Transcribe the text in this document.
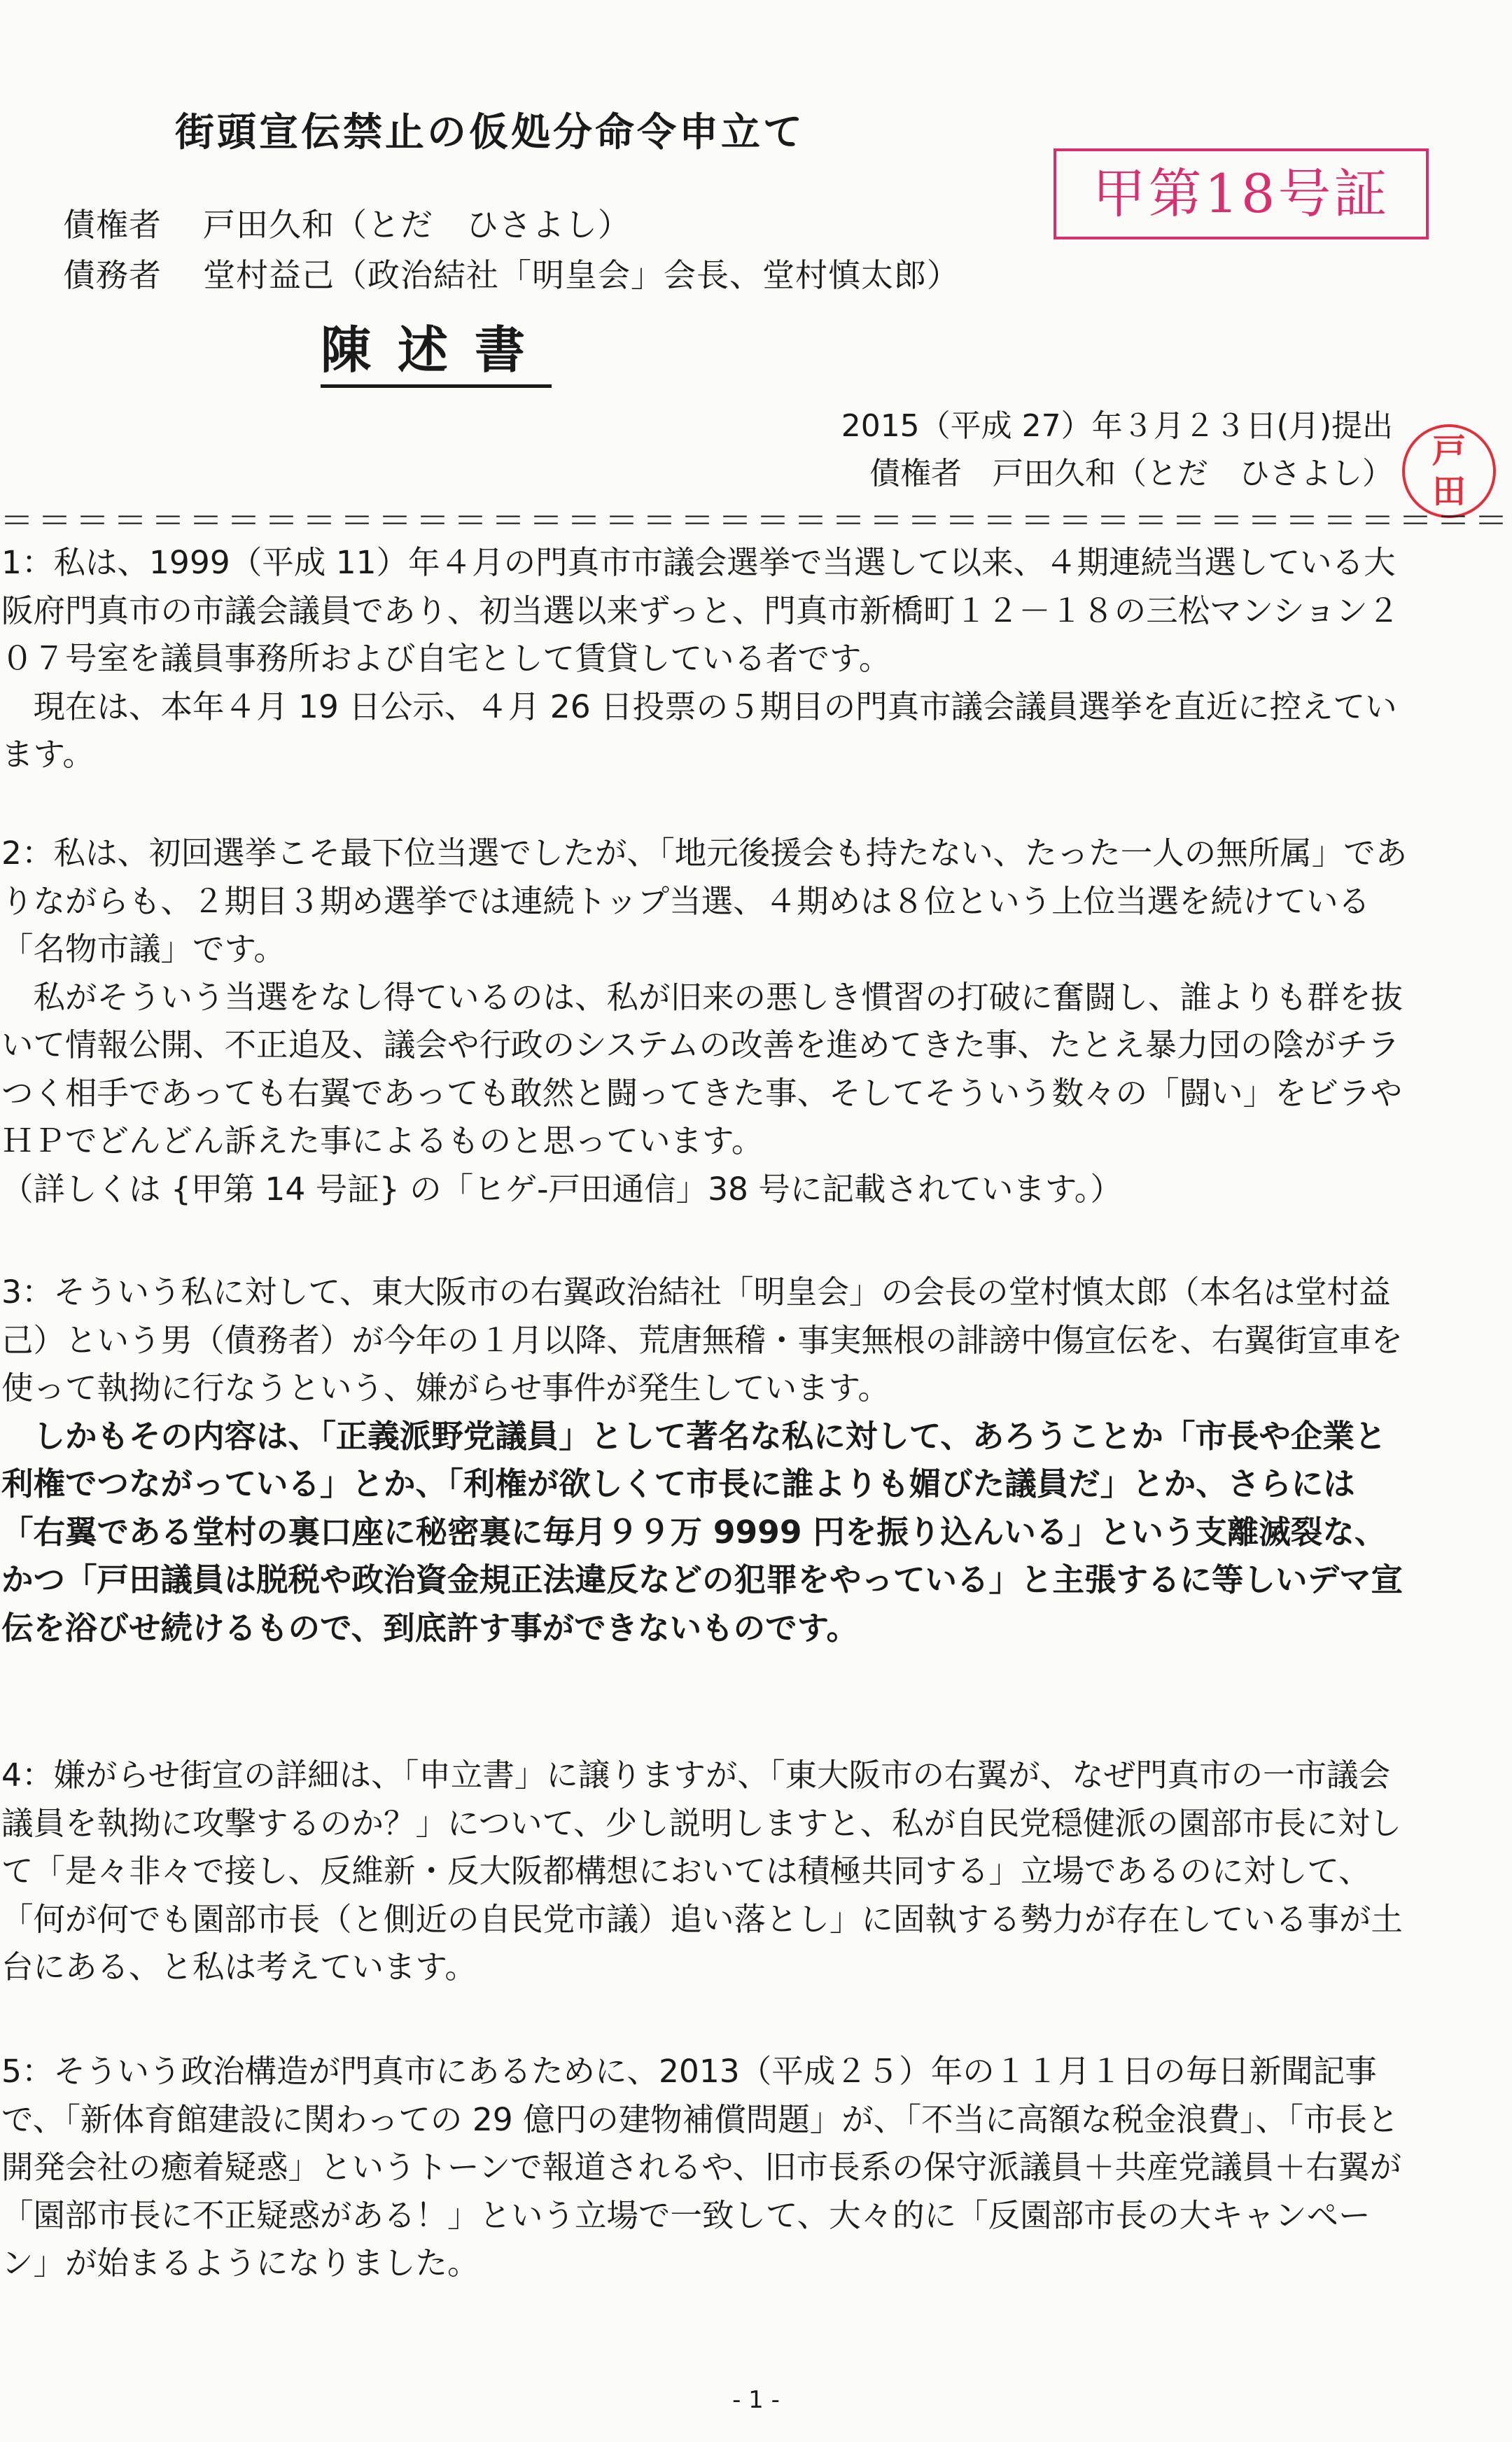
街頭宣伝禁止の仮処分命令申立て
債権者 戸田久和（とだ　ひさよし）
債務者 堂村益己（政治結社「明皇会」会長、堂村慎太郎）
甲第18号証
陳述書
2015（平成 27）年３月２３日(月)提出
債権者　 戸田久和（とだ　ひさよし）
戸
田
＝＝＝＝＝＝＝＝＝＝＝＝＝＝＝＝＝＝＝＝＝＝＝＝＝＝＝＝＝＝＝＝＝＝＝＝＝＝＝＝

1：私は、1999（平成 11）年４月の門真市市議会選挙で当選して以来、４期連続当選している大阪府門真市の市議会議員であり、初当選以来ずっと、門真市新橋町１２－１８の三松マンション２０７号室を議員事務所および自宅として賃貸している者です。

現在は、本年４月 19 日公示、４月 26 日投票の５期目の門真市議会議員選挙を直近に控えています。

2：私は、初回選挙こそ最下位当選でしたが、「地元後援会も持たない、たった一人の無所属」でありながらも、２期目３期め選挙では連続トップ当選、４期めは８位という上位当選を続けている「名物市議」です。

私がそういう当選をなし得ているのは、私が旧来の悪しき慣習の打破に奮闘し、誰よりも群を抜いて情報公開、不正追及、議会や行政のシステムの改善を進めてきた事、たとえ暴力団の陰がチラつく相手であっても右翼であっても敢然と闘ってきた事、そしてそういう数々の「闘い」をビラやＨＰでどんどん訴えた事によるものと思っています。

（詳しくは {甲第 14 号証} の「ヒゲ-戸田通信」38 号に記載されています。）

3：そういう私に対して、東大阪市の右翼政治結社「明皇会」の会長の堂村慎太郎（本名は堂村益己）という男（債務者）が今年の１月以降、荒唐無稽・事実無根の誹謗中傷宣伝を、右翼街宣車を使って執拗に行なうという、嫌がらせ事件が発生しています。

しかもその内容は、「正義派野党議員」として著名な私に対して、あろうことか「市長や企業と利権でつながっている」とか、「利権が欲しくて市長に誰よりも媚びた議員だ」とか、さらには「右翼である堂村の裏口座に秘密裏に毎月９９万 9999 円を振り込んいる」という支離滅裂な、かつ「戸田議員は脱税や政治資金規正法違反などの犯罪をやっている」と主張するに等しいデマ宣伝を浴びせ続けるもので、到底許す事ができないものです。

4：嫌がらせ街宣の詳細は、「申立書」に譲りますが、「東大阪市の右翼が、なぜ門真市の一市議会議員を執拗に攻撃するのか？」について、少し説明しますと、私が自民党穏健派の園部市長に対して「是々非々で接し、反維新・反大阪都構想においては積極共同する」立場であるのに対して、「何が何でも園部市長（と側近の自民党市議）追い落とし」に固執する勢力が存在している事が土台にある、と私は考えています。

5：そういう政治構造が門真市にあるために、2013（平成２５）年の１１月１日の毎日新聞記事で、「新体育館建設に関わっての 29 億円の建物補償問題」が、「不当に高額な税金浪費」、「市長と開発会社の癒着疑惑」というトーンで報道されるや、旧市長系の保守派議員＋共産党議員＋右翼が「園部市長に不正疑惑がある！」という立場で一致して、大々的に「反園部市長の大キャンペーン」が始まるようになりました。

- 1 -
